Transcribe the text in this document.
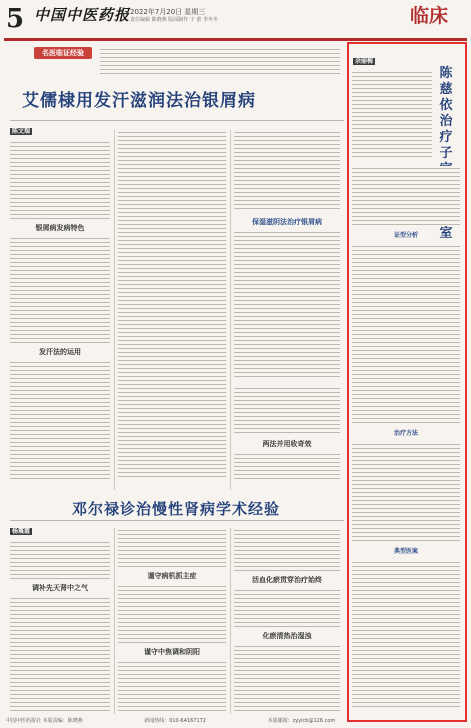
5 中国中医药报 2022年7月20日 星期三
责任编辑 陈晓燕 版面制作 于 蕾 李冬冬	临床
名医临证经验
艾儒棣用发汗滋润法治银屑病
陈文瑞
银屑病发病特色
发汗法的运用
保湿滋阴法治疗银屑病
两法并用收奇效
邓尔禄诊治慢性肾病学术经验
杨震霞
调补先天肾中之气
谨守病机抓主症
谨守中焦调和阴阳
活血化瘀贯穿治疗始终
化瘀清热治湿浊
余丽梅
陈慈依治疗子 室
证型分析
治疗方法
典型医案
中国中医药报社 本版责编：陈晓燕	新闻热线：010-64167172	本版邮箱：zyylcb@126.com
